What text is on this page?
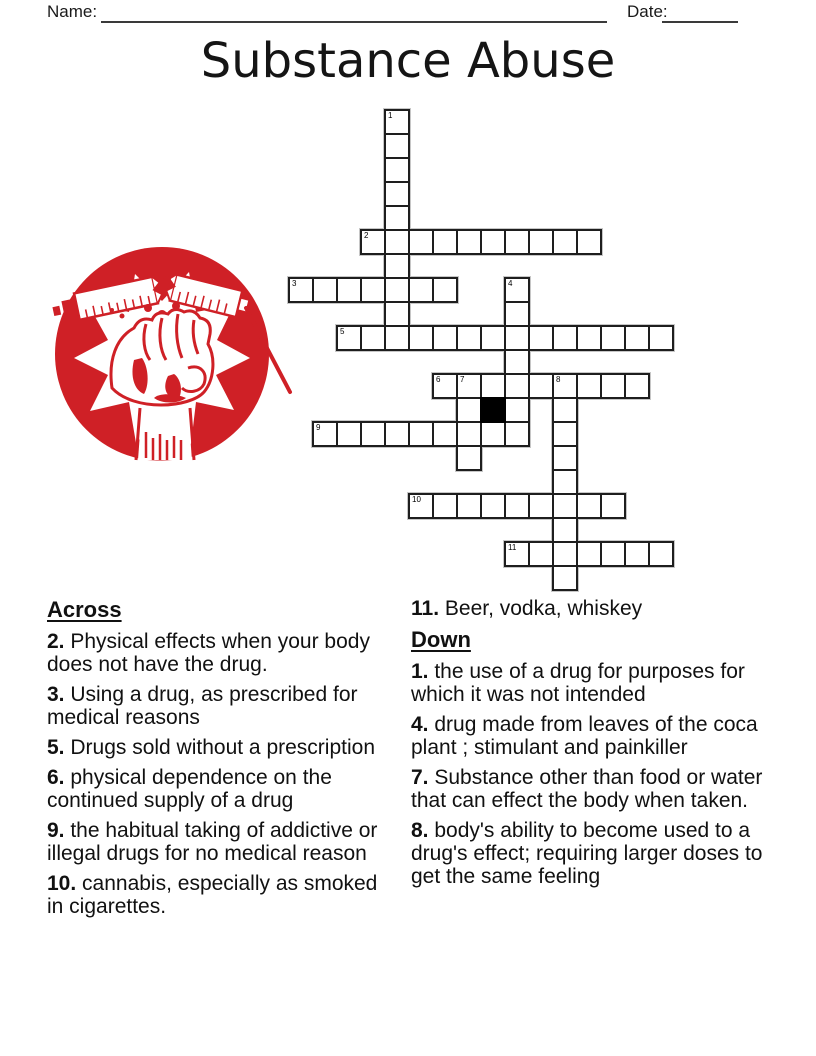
Name:	Date:
Substance Abuse
1
2
3	4
5
6 7	8
9
10
11
Across

2. Physical effects when your body does not have the drug.

3. Using a drug, as prescribed for medical reasons

5. Drugs sold without a prescription

6. physical dependence on the continued supply of a drug

9. the habitual taking of addictive or illegal drugs for no medical reason

10. cannabis, especially as smoked in cigarettes.

11. Beer, vodka, whiskey

Down

1. the use of a drug for purposes for which it was not intended

4. drug made from leaves of the coca plant ; stimulant and painkiller

7. Substance other than food or water that can effect the body when taken.

8. body's ability to become used to a drug's effect; requiring larger doses to get the same feeling
